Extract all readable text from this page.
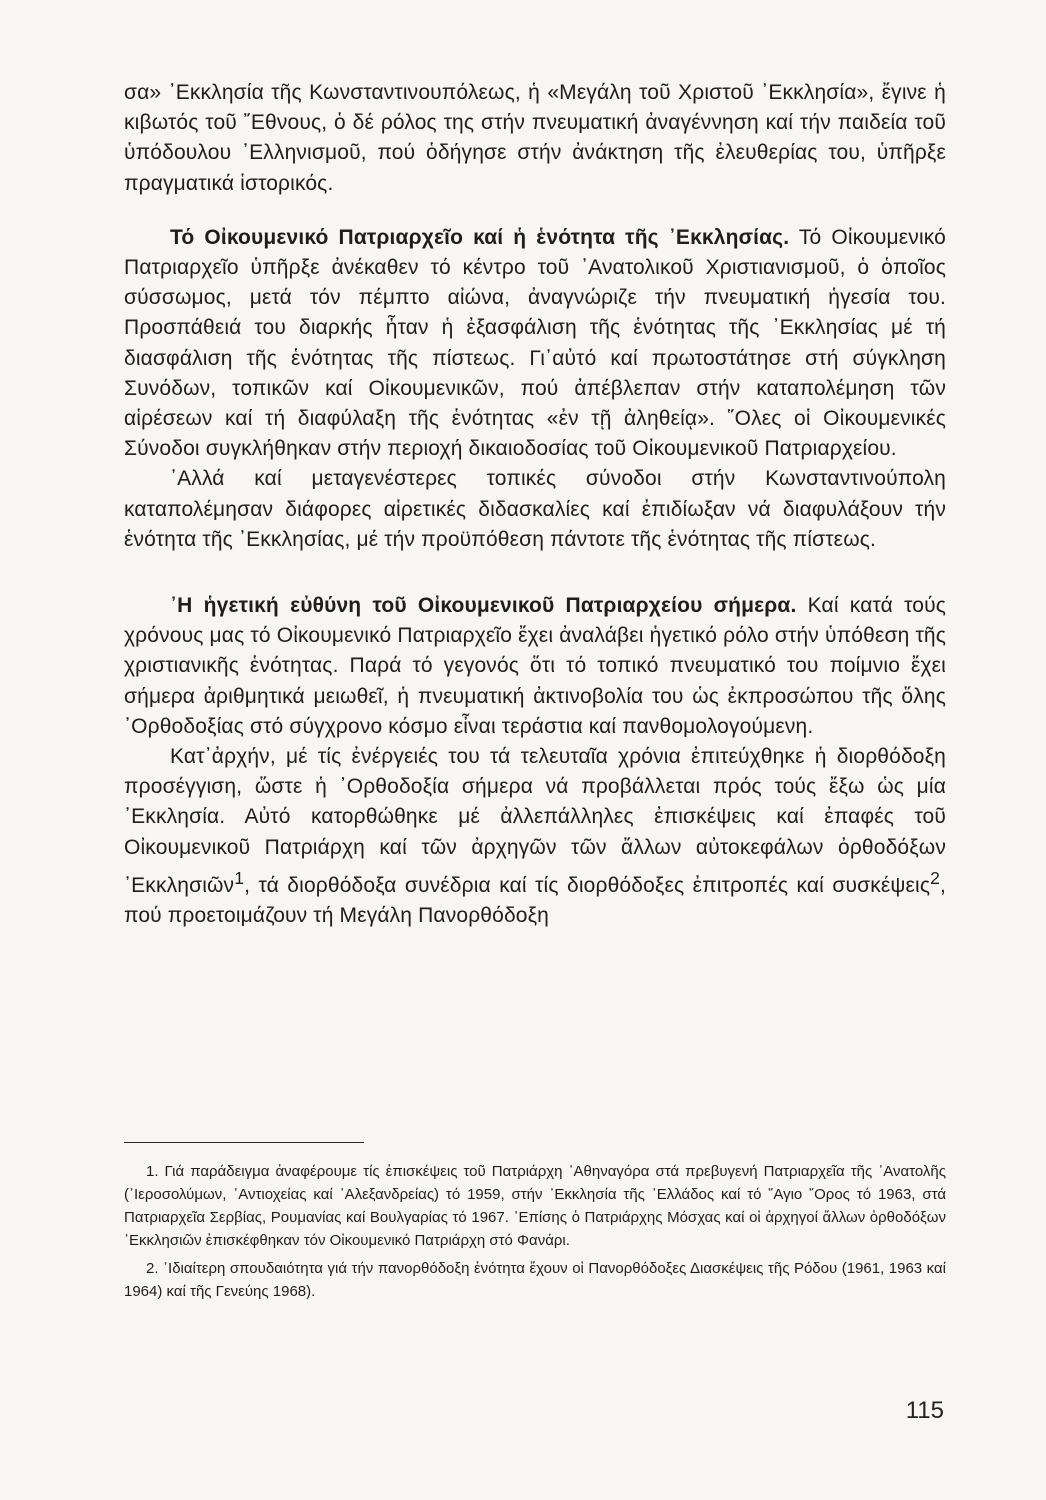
σα» ᾿Εκκλησία τῆς Κωνσταντινουπόλεως, ἡ «Μεγάλη τοῦ Χριστοῦ ᾿Εκκλησία», ἔγινε ἡ κιβωτός τοῦ ῎Εθνους, ὁ δέ ρόλος της στήν πνευματική ἀναγέννηση καί τήν παιδεία τοῦ ὑπόδουλου ᾿Ελληνισμοῦ, πού ὁδήγησε στήν ἀνάκτηση τῆς ἐλευθερίας του, ὑπῆρξε πραγματικά ἱστορικός.

Τό Οἰκουμενικό Πατριαρχεῖο καί ἡ ἑνότητα τῆς ᾿Εκκλησίας. Τό Οἰκουμενικό Πατριαρχεῖο ὑπῆρξε ἀνέκαθεν τό κέντρο τοῦ ᾿Ανατολικοῦ Χριστιανισμοῦ, ὁ ὁποῖος σύσσωμος, μετά τόν πέμπτο αἰώνα, ἀναγνώριζε τήν πνευματική ἡγεσία του. Προσπάθειά του διαρκής ἦταν ἡ ἐξασφάλιση τῆς ἑνότητας τῆς ᾿Εκκλησίας μέ τή διασφάλιση τῆς ἑνότητας τῆς πίστεως. Γι᾿αὐτό καί πρωτοστάτησε στή σύγκληση Συνόδων, τοπικῶν καί Οἰκουμενικῶν, πού ἀπέβλεπαν στήν καταπολέμηση τῶν αἱρέσεων καί τή διαφύλαξη τῆς ἑνότητας «ἐν τῇ ἀληθείᾳ». ῞Ολες οἱ Οἰκουμενικές Σύνοδοι συγκλήθηκαν στήν περιοχή δικαιοδοσίας τοῦ Οἰκουμενικοῦ Πατριαρχείου.

᾿Αλλά καί μεταγενέστερες τοπικές σύνοδοι στήν Κωνσταντινούπολη καταπολέμησαν διάφορες αἱρετικές διδασκαλίες καί ἐπιδίωξαν νά διαφυλάξουν τήν ἑνότητα τῆς ᾿Εκκλησίας, μέ τήν προϋπόθεση πάντοτε τῆς ἑνότητας τῆς πίστεως.

᾿Η ἡγετική εὐθύνη τοῦ Οἰκουμενικοῦ Πατριαρχείου σήμερα. Καί κατά τούς χρόνους μας τό Οἰκουμενικό Πατριαρχεῖο ἔχει ἀναλάβει ἡγετικό ρόλο στήν ὑπόθεση τῆς χριστιανικῆς ἑνότητας. Παρά τό γεγονός ὅτι τό τοπικό πνευματικό του ποίμνιο ἔχει σήμερα ἀριθμητικά μειωθεῖ, ἡ πνευματική ἀκτινοβολία του ὡς ἐκπροσώπου τῆς ὅλης ᾿Ορθοδοξίας στό σύγχρονο κόσμο εἶναι τεράστια καί πανθομολογούμενη.

Κατ᾿ἀρχήν, μέ τίς ἐνέργειές του τά τελευταῖα χρόνια ἐπιτεύχθηκε ἡ διορθόδοξη προσέγγιση, ὥστε ἡ ᾿Ορθοδοξία σήμερα νά προβάλλεται πρός τούς ἔξω ὡς μία ᾿Εκκλησία. Αὐτό κατορθώθηκε μέ ἀλλεπάλληλες ἐπισκέψεις καί ἐπαφές τοῦ Οἰκουμενικοῦ Πατριάρχη καί τῶν ἀρχηγῶν τῶν ἄλλων αὐτοκεφάλων ὀρθοδόξων ᾿Εκκλησιῶν$^1$, τά διορθόδοξα συνέδρια καί τίς διορθόδοξες ἐπιτροπές καί συσκέψεις$^2$, πού προετοιμάζουν τή Μεγάλη Πανορθόδοξη

1. Γιά παράδειγμα ἀναφέρουμε τίς ἐπισκέψεις τοῦ Πατριάρχη ᾿Αθηναγόρα στά πρεβυγενή Πατριαρχεῖα τῆς ᾿Ανατολῆς (᾿Ιεροσολύμων, ᾿Αντιοχείας καί ᾿Αλεξανδρείας) τό 1959, στήν ᾿Εκκλησία τῆς ᾿Ελλάδος καί τό ῞Αγιο ῎Ορος τό 1963, στά Πατριαρχεῖα Σερβίας, Ρουμανίας καί Βουλγαρίας τό 1967. ᾿Επίσης ὁ Πατριάρχης Μόσχας καί οἱ ἀρχηγοί ἄλλων ὀρθοδόξων ᾿Εκκλησιῶν ἐπισκέφθηκαν τόν Οἰκουμενικό Πατριάρχη στό Φανάρι.

2. ᾿Ιδιαίτερη σπουδαιότητα γιά τήν πανορθόδοξη ἑνότητα ἔχουν οἱ Πανορθόδοξες Διασκέψεις τῆς Ρόδου (1961, 1963 καί 1964) καί τῆς Γενεύης 1968).

115
